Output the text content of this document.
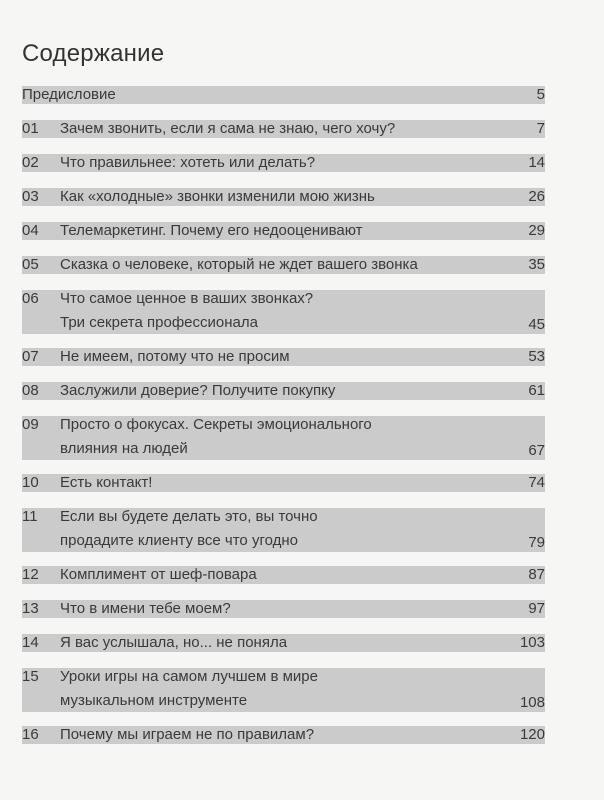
Содержание
Предисловие	5
01	Зачем звонить, если я сама не знаю, чего хочу?	7
02	Что правильнее: хотеть или делать?	14
03	Как «холодные» звонки изменили мою жизнь	26
04	Телемаркетинг. Почему его недооценивают	29
05	Сказка о человеке, который не ждет вашего звонка	35
06	Что самое ценное в ваших звонках?
Три секрета профессионала	45
07	Не имеем, потому что не просим	53
08	Заслужили доверие? Получите покупку	61
09	Просто о фокусах. Секреты эмоционального
влияния на людей	67
10	Есть контакт!	74
11	Если вы будете делать это, вы точно
продадите клиенту все что угодно	79
12	Комплимент от шеф-повара	87
13	Что в имени тебе моем?	97
14	Я вас услышала, но... не поняла	103
15	Уроки игры на самом лучшем в мире
музыкальном инструменте	108
16	Почему мы играем не по правилам?	120
